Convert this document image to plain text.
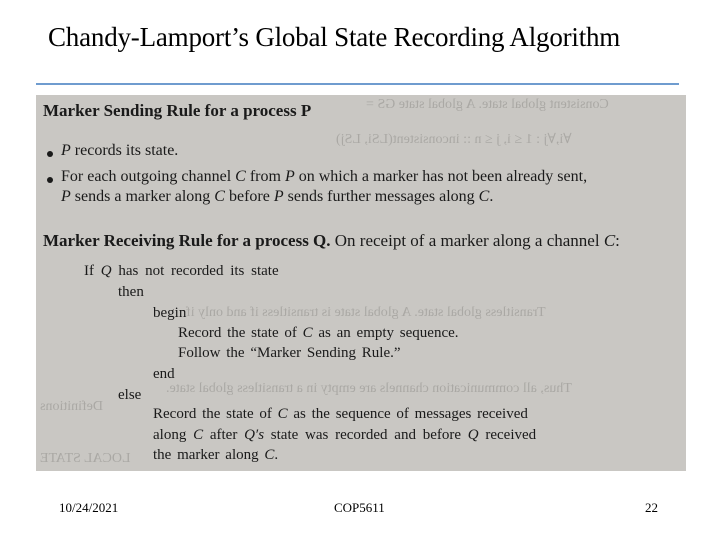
Chandy-Lamport’s Global State Recording Algorithm
Consistent global state. A global state GS =
∀i,∀j : 1 ≤ i, j ≤ n :: inconsistent(LSi, LSj)
Transitless global state. A global state is transitless if and only if
Thus, all communication channels are empty in a transitless global state.
Definitions
LOCAL STATE
Marker Sending Rule for a process P
P records its state.
For each outgoing channel C from P on which a marker has not been already sent,
P sends a marker along C before P sends further messages along C.
Marker Receiving Rule for a process Q. On receipt of a marker along a channel C:
If Q has not recorded its state
then
begin
Record the state of C as an empty sequence.
Follow the “Marker Sending Rule.”
end
else
Record the state of C as the sequence of messages received
along C after Q′s state was recorded and before Q received
the marker along C.
10/24/2021	COP5611	22
